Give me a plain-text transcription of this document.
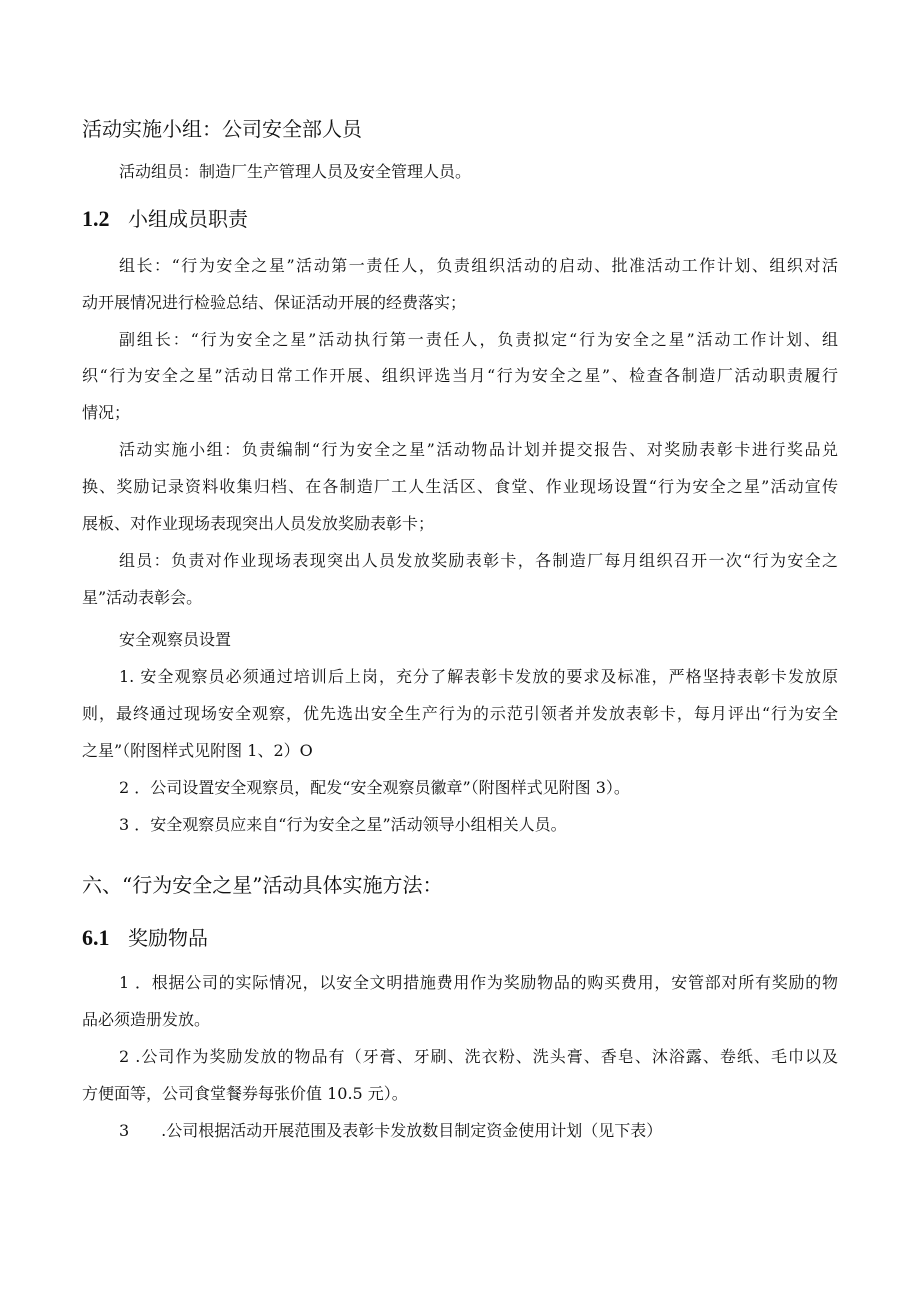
活动实施小组：公司安全部人员
活动组员：制造厂生产管理人员及安全管理人员。
1.2 小组成员职责
组长：“行为安全之星”活动第一责任人，负责组织活动的启动、批准活动工作计划、组织对活
动开展情况进行检验总结、保证活动开展的经费落实；
副组长：“行为安全之星”活动执行第一责任人，负责拟定“行为安全之星”活动工作计划、组
织“行为安全之星”活动日常工作开展、组织评选当月“行为安全之星”、检查各制造厂活动职责履行
情况；
活动实施小组：负责编制“行为安全之星”活动物品计划并提交报告、对奖励表彰卡进行奖品兑
换、奖励记录资料收集归档、在各制造厂工人生活区、食堂、作业现场设置“行为安全之星”活动宣传
展板、对作业现场表现突出人员发放奖励表彰卡；
组员：负责对作业现场表现突出人员发放奖励表彰卡，各制造厂每月组织召开一次“行为安全之
星”活动表彰会。
安全观察员设置
1. 安全观察员必须通过培训后上岗，充分了解表彰卡发放的要求及标准，严格坚持表彰卡发放原
则，最终通过现场安全观察，优先选出安全生产行为的示范引领者并发放表彰卡，每月评出“行为安全
之星”（附图样式见附图 1、2）O
2 ．公司设置安全观察员，配发“安全观察员徽章”（附图样式见附图 3）。
3 ．安全观察员应来自“行为安全之星”活动领导小组相关人员。
六、“行为安全之星”活动具体实施方法：
6.1 奖励物品
1 ．根据公司的实际情况，以安全文明措施费用作为奖励物品的购买费用，安管部对所有奖励的物
品必须造册发放。
2 .公司作为奖励发放的物品有（牙膏、牙刷、洗衣粉、洗头膏、香皂、沐浴露、卷纸、毛巾以及
方便面等，公司食堂餐券每张价值 10.5 元）。
3　　.公司根据活动开展范围及表彰卡发放数目制定资金使用计划（见下表）
